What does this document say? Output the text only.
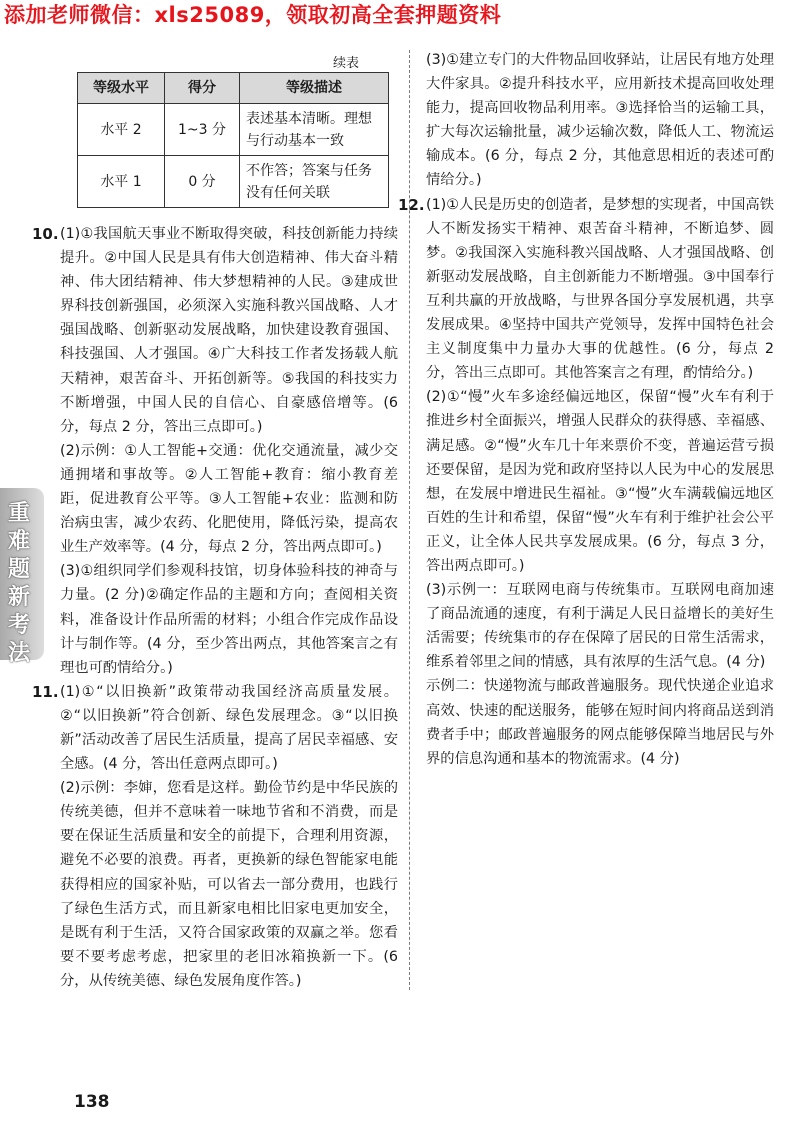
添加老师微信：xls25089，领取初高全套押题资料
续表
等级水平	得分	等级描述
水平 2	1~3 分	表述基本清晰。理想与行动基本一致
水平 1	0 分	不作答；答案与任务没有任何关联
10. (1)①我国航天事业不断取得突破，科技创新能力持续提升。②中国人民是具有伟大创造精神、伟大奋斗精神、伟大团结精神、伟大梦想精神的人民。③建成世界科技创新强国，必须深入实施科教兴国战略、人才强国战略、创新驱动发展战略，加快建设教育强国、科技强国、人才强国。④广大科技工作者发扬载人航天精神，艰苦奋斗、开拓创新等。⑤我国的科技实力不断增强，中国人民的自信心、自豪感倍增等。(6 分，每点 2 分，答出三点即可。)

(2)示例：①人工智能+交通：优化交通流量，减少交通拥堵和事故等。②人工智能+教育：缩小教育差距，促进教育公平等。③人工智能+农业：监测和防治病虫害，减少农药、化肥使用，降低污染，提高农业生产效率等。(4 分，每点 2 分，答出两点即可。)

(3)①组织同学们参观科技馆，切身体验科技的神奇与力量。(2 分)②确定作品的主题和方向；查阅相关资料，准备设计作品所需的材料；小组合作完成作品设计与制作等。(4 分，至少答出两点，其他答案言之有理也可酌情给分。)

11. (1)①“以旧换新”政策带动我国经济高质量发展。②“以旧换新”符合创新、绿色发展理念。③“以旧换新”活动改善了居民生活质量，提高了居民幸福感、安全感。(4 分，答出任意两点即可。)

(2)示例：李婶，您看是这样。勤俭节约是中华民族的传统美德，但并不意味着一味地节省和不消费，而是要在保证生活质量和安全的前提下，合理利用资源，避免不必要的浪费。再者，更换新的绿色智能家电能获得相应的国家补贴，可以省去一部分费用，也践行了绿色生活方式，而且新家电相比旧家电更加安全，是既有利于生活，又符合国家政策的双赢之举。您看要不要考虑考虑，把家里的老旧冰箱换新一下。(6 分，从传统美德、绿色发展角度作答。)

(3)①建立专门的大件物品回收驿站，让居民有地方处理大件家具。②提升科技水平，应用新技术提高回收处理能力，提高回收物品利用率。③选择恰当的运输工具，扩大每次运输批量，减少运输次数，降低人工、物流运输成本。(6 分，每点 2 分，其他意思相近的表述可酌情给分。)

12. (1)①人民是历史的创造者，是梦想的实现者，中国高铁人不断发扬实干精神、艰苦奋斗精神，不断追梦、圆梦。②我国深入实施科教兴国战略、人才强国战略、创新驱动发展战略，自主创新能力不断增强。③中国奉行互利共赢的开放战略，与世界各国分享发展机遇，共享发展成果。④坚持中国共产党领导，发挥中国特色社会主义制度集中力量办大事的优越性。(6 分，每点 2 分，答出三点即可。其他答案言之有理，酌情给分。)

(2)①“慢”火车多途经偏远地区，保留“慢”火车有利于推进乡村全面振兴，增强人民群众的获得感、幸福感、满足感。②“慢”火车几十年来票价不变，普遍运营亏损还要保留，是因为党和政府坚持以人民为中心的发展思想，在发展中增进民生福祉。③“慢”火车满载偏远地区百姓的生计和希望，保留“慢”火车有利于维护社会公平正义，让全体人民共享发展成果。(6 分，每点 3 分，答出两点即可。)

(3)示例一：互联网电商与传统集市。互联网电商加速了商品流通的速度，有利于满足人民日益增长的美好生活需要；传统集市的存在保障了居民的日常生活需求，维系着邻里之间的情感，具有浓厚的生活气息。(4 分)

示例二：快递物流与邮政普遍服务。现代快递企业追求高效、快速的配送服务，能够在短时间内将商品送到消费者手中；邮政普遍服务的网点能够保障当地居民与外界的信息沟通和基本的物流需求。(4 分)

重难题新考法
138
